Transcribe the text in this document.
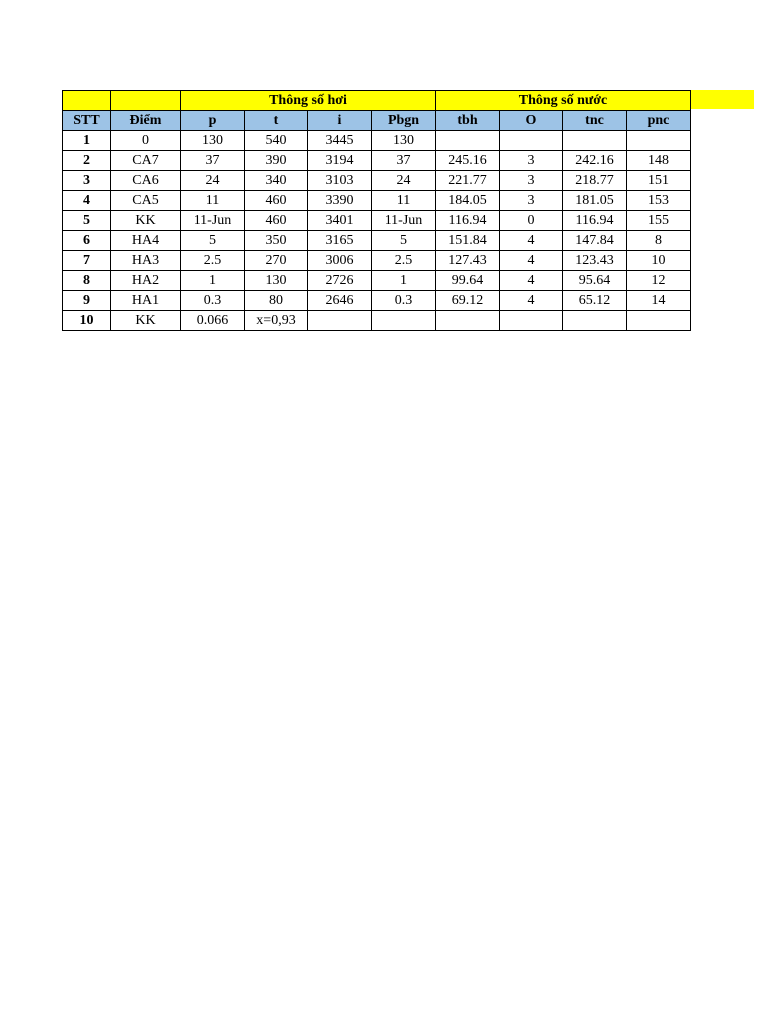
		Thông số hơi				Thông số nước			
STT	Điểm	p	t	i	Pbgn	tbh	O	tnc	pnc
1	0	130	540	3445	130				
2	CA7	37	390	3194	37	245.16	3	242.16	148
3	CA6	24	340	3103	24	221.77	3	218.77	151
4	CA5	11	460	3390	11	184.05	3	181.05	153
5	KK	11-Jun	460	3401	11-Jun	116.94	0	116.94	155
6	HA4	5	350	3165	5	151.84	4	147.84	8
7	HA3	2.5	270	3006	2.5	127.43	4	123.43	10
8	HA2	1	130	2726	1	99.64	4	95.64	12
9	HA1	0.3	80	2646	0.3	69.12	4	65.12	14
10	KK	0.066	x=0,93						
